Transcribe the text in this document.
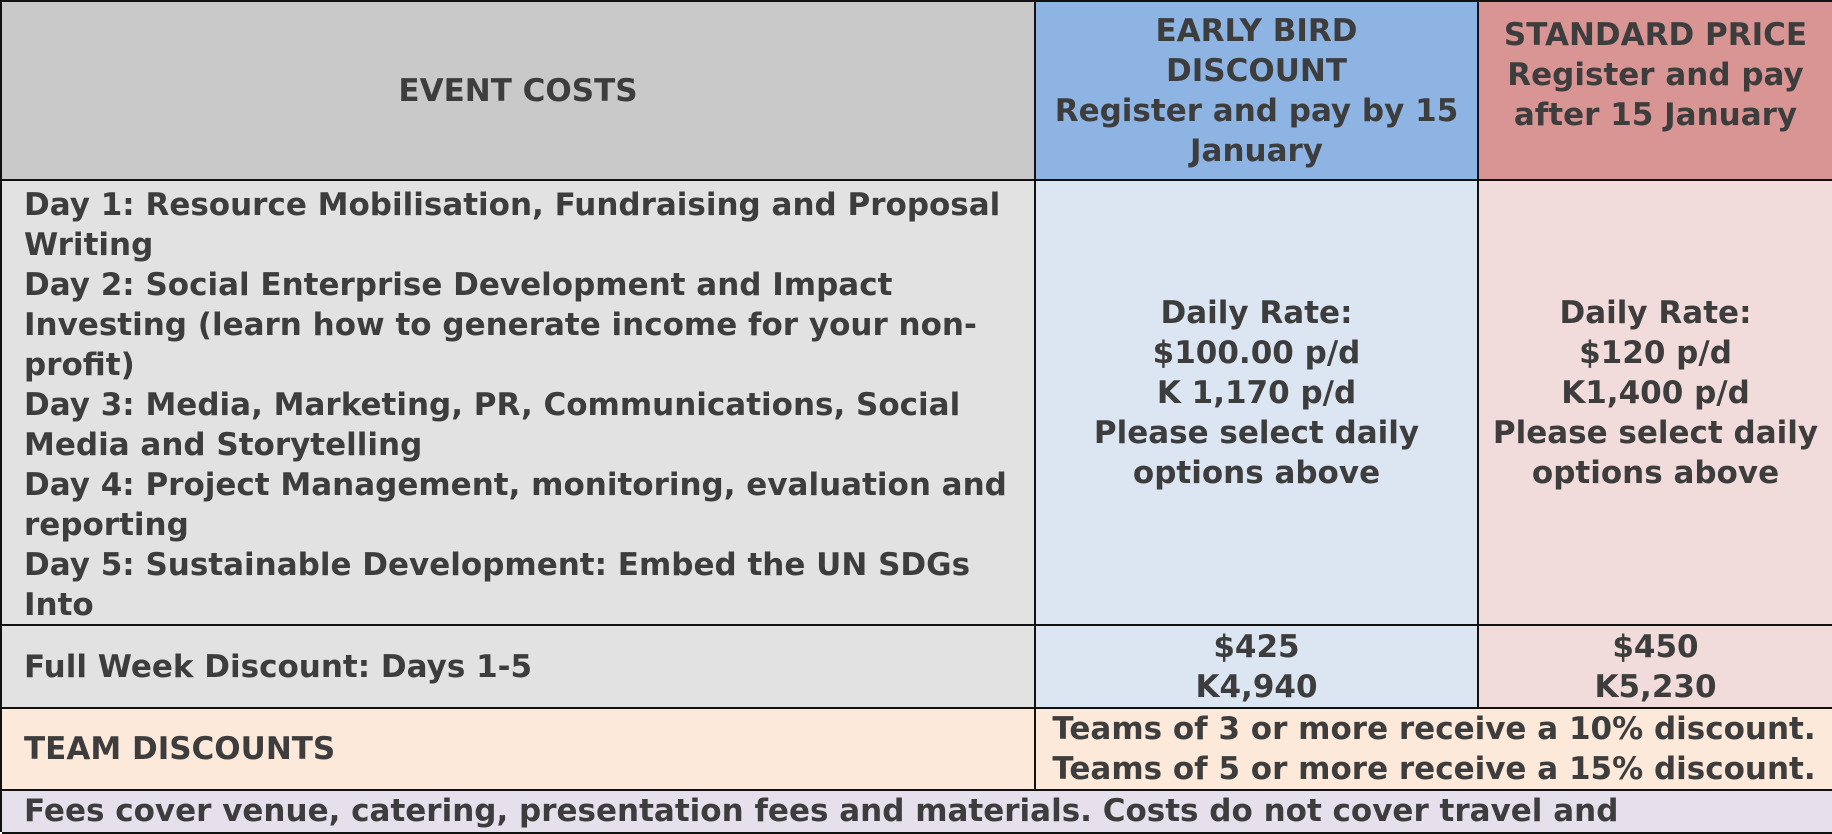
EVENT COSTS
EARLY BIRD
DISCOUNT
Register and pay by 15
January
STANDARD PRICE
Register and pay
after 15 January
Day 1: Resource Mobilisation, Fundraising and Proposal
Writing
Day 2: Social Enterprise Development and Impact
Investing (learn how to generate income for your non-
profit)
Day 3: Media, Marketing, PR, Communications, Social
Media and Storytelling
Day 4: Project Management, monitoring, evaluation and
reporting
Day 5: Sustainable Development: Embed the UN SDGs Into
Daily Rate:
$100.00 p/d
K 1,170 p/d
Please select daily
options above
Daily Rate:
$120 p/d
K1,400 p/d
Please select daily
options above
Full Week Discount: Days 1-5
$425
K4,940
$450
K5,230
TEAM DISCOUNTS
Teams of 3 or more receive a 10% discount.
Teams of 5 or more receive a 15% discount.
Fees cover venue, catering, presentation fees and materials. Costs do not cover travel and
